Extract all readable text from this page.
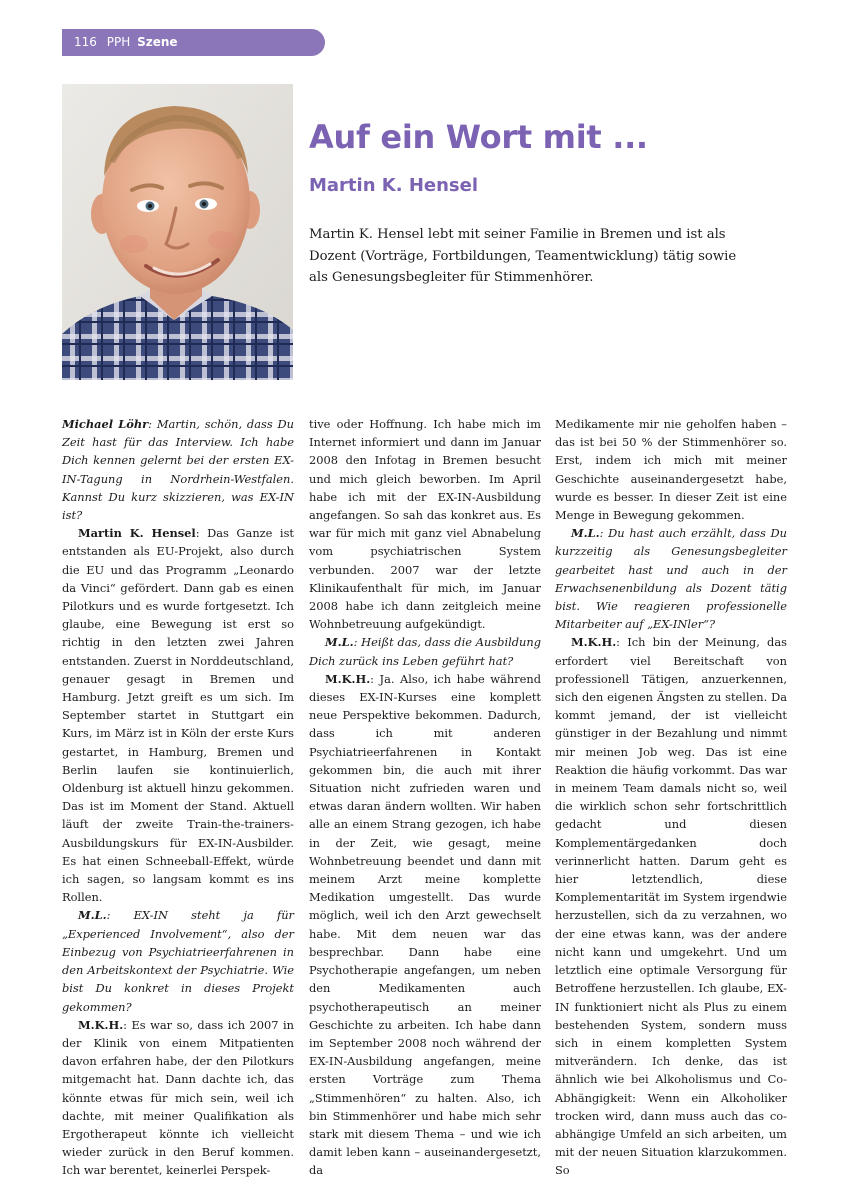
116 PPH Szene
Auf ein Wort mit ...
Martin K. Hensel

Martin K. Hensel lebt mit seiner Familie in Bremen und ist als Dozent (Vorträge, Fortbildungen, Teamentwicklung) tätig sowie als Genesungsbegleiter für Stimmenhörer.

Michael Löhr: Martin, schön, dass Du Zeit hast für das Interview. Ich habe Dich kennen gelernt bei der ersten EX-IN-Tagung in Nordrhein-Westfalen. Kannst Du kurz skizzieren, was EX-IN ist?

Martin K. Hensel: Das Ganze ist entstanden als EU-Projekt, also durch die EU und das Programm „Leonardo da Vinci“ gefördert. Dann gab es einen Pilotkurs und es wurde fortgesetzt. Ich glaube, eine Bewegung ist erst so richtig in den letzten zwei Jahren entstanden. Zuerst in Norddeutschland, genauer gesagt in Bremen und Hamburg. Jetzt greift es um sich. Im September startet in Stuttgart ein Kurs, im März ist in Köln der erste Kurs gestartet, in Hamburg, Bremen und Berlin laufen sie kontinuierlich, Oldenburg ist aktuell hinzu gekommen. Das ist im Moment der Stand. Aktuell läuft der zweite Train-the-trainers-Ausbildungskurs für EX-IN-Ausbilder. Es hat einen Schneeball-Effekt, würde ich sagen, so langsam kommt es ins Rollen.

M.L.: EX-IN steht ja für „Experienced Involvement“, also der Einbezug von Psychiatrieerfahrenen in den Arbeitskontext der Psychiatrie. Wie bist Du konkret in dieses Projekt gekommen?

M.K.H.: Es war so, dass ich 2007 in der Klinik von einem Mitpatienten davon erfahren habe, der den Pilotkurs mitgemacht hat. Dann dachte ich, das könnte etwas für mich sein, weil ich dachte, mit meiner Qualifikation als Ergotherapeut könnte ich vielleicht wieder zurück in den Beruf kommen. Ich war berentet, keinerlei Perspek-

tive oder Hoffnung. Ich habe mich im Internet informiert und dann im Januar 2008 den Infotag in Bremen besucht und mich gleich beworben. Im April habe ich mit der EX-IN-Ausbildung angefangen. So sah das konkret aus. Es war für mich mit ganz viel Abnabelung vom psychiatrischen System verbunden. 2007 war der letzte Klinikaufenthalt für mich, im Januar 2008 habe ich dann zeitgleich meine Wohnbetreuung aufgekündigt.

M.L.: Heißt das, dass die Ausbildung Dich zurück ins Leben geführt hat?

M.K.H.: Ja. Also, ich habe während dieses EX-IN-Kurses eine komplett neue Perspektive bekommen. Dadurch, dass ich mit anderen Psychiatrieerfahrenen in Kontakt gekommen bin, die auch mit ihrer Situation nicht zufrieden waren und etwas daran ändern wollten. Wir haben alle an einem Strang gezogen, ich habe in der Zeit, wie gesagt, meine Wohnbetreuung beendet und dann mit meinem Arzt meine komplette Medikation umgestellt. Das wurde möglich, weil ich den Arzt gewechselt habe. Mit dem neuen war das besprechbar. Dann habe eine Psychotherapie angefangen, um neben den Medikamenten auch psychotherapeutisch an meiner Geschichte zu arbeiten. Ich habe dann im September 2008 noch während der EX-IN-Ausbildung angefangen, meine ersten Vorträge zum Thema „Stimmenhören“ zu halten. Also, ich bin Stimmenhörer und habe mich sehr stark mit diesem Thema – und wie ich damit leben kann – auseinandergesetzt, da

Medikamente mir nie geholfen haben – das ist bei 50 % der Stimmenhörer so. Erst, indem ich mich mit meiner Geschichte auseinandergesetzt habe, wurde es besser. In dieser Zeit ist eine Menge in Bewegung gekommen.

M.L.: Du hast auch erzählt, dass Du kurzzeitig als Genesungsbegleiter gearbeitet hast und auch in der Erwachsenenbildung als Dozent tätig bist. Wie reagieren professionelle Mitarbeiter auf „EX-INler“?

M.K.H.: Ich bin der Meinung, das erfordert viel Bereitschaft von professionell Tätigen, anzuerkennen, sich den eigenen Ängsten zu stellen. Da kommt jemand, der ist vielleicht günstiger in der Bezahlung und nimmt mir meinen Job weg. Das ist eine Reaktion die häufig vorkommt. Das war in meinem Team damals nicht so, weil die wirklich schon sehr fortschrittlich gedacht und diesen Komplementärgedanken doch verinnerlicht hatten. Darum geht es hier letztendlich, diese Komplementarität im System irgendwie herzustellen, sich da zu verzahnen, wo der eine etwas kann, was der andere nicht kann und umgekehrt. Und um letztlich eine optimale Versorgung für Betroffene herzustellen. Ich glaube, EX-IN funktioniert nicht als Plus zu einem bestehenden System, sondern muss sich in einem kompletten System mitverändern. Ich denke, das ist ähnlich wie bei Alkoholismus und Co-Abhängigkeit: Wenn ein Alkoholiker trocken wird, dann muss auch das co-abhängige Umfeld an sich arbeiten, um mit der neuen Situation klarzukommen. So
